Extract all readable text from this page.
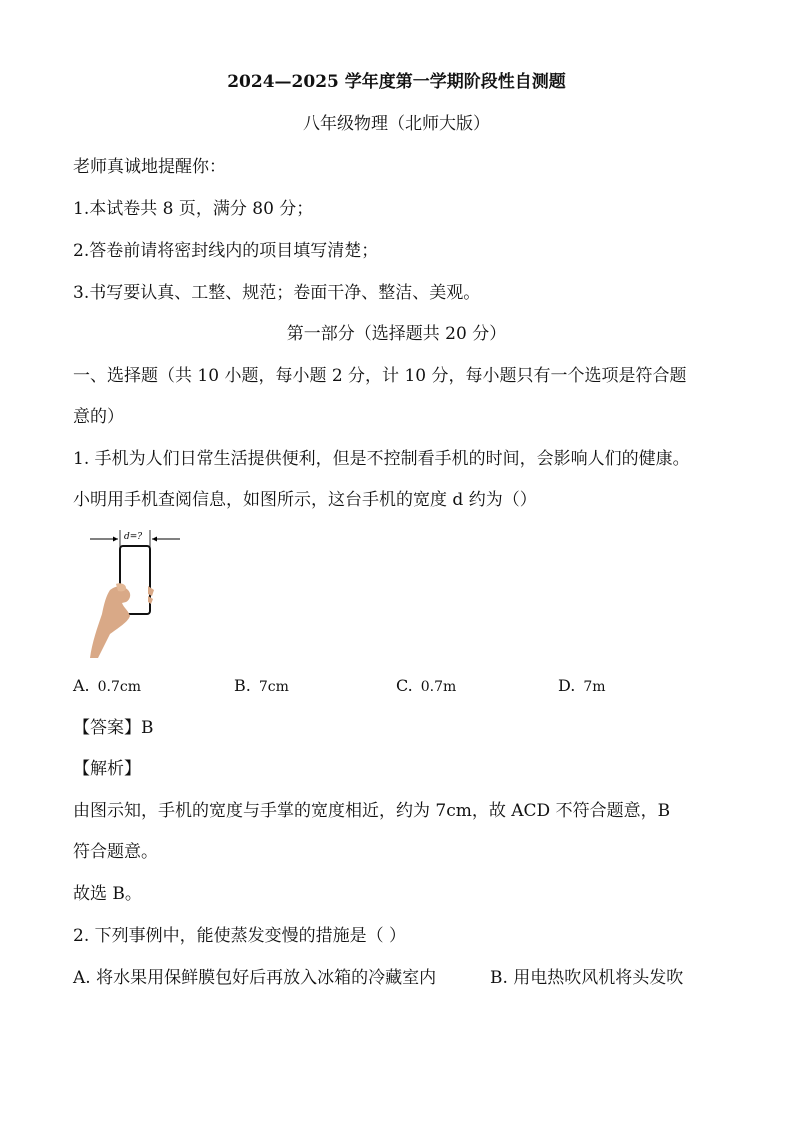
2024—2025 学年度第一学期阶段性自测题
八年级物理（北师大版）
老师真诚地提醒你：
1.本试卷共 8 页，满分 80 分；
2.答卷前请将密封线内的项目填写清楚；
3.书写要认真、工整、规范；卷面干净、整洁、美观。
第一部分（选择题共 20 分）
一、选择题（共 10 小题，每小题 2 分，计 10 分，每小题只有一个选项是符合题
意的）
1. 手机为人们日常生活提供便利，但是不控制看手机的时间，会影响人们的健康。
小明用手机查阅信息，如图所示，这台手机的宽度 d 约为（）
d=?
A. 0.7cm	B. 7cm	C. 0.7m	D. 7m
【答案】B
【解析】
由图示知，手机的宽度与手掌的宽度相近，约为 7cm，故 ACD 不符合题意，B
符合题意。
故选 B。
2. 下列事例中，能使蒸发变慢的措施是（ ）
A. 将水果用保鲜膜包好后再放入冰箱的冷藏室内	B. 用电热吹风机将头发吹
